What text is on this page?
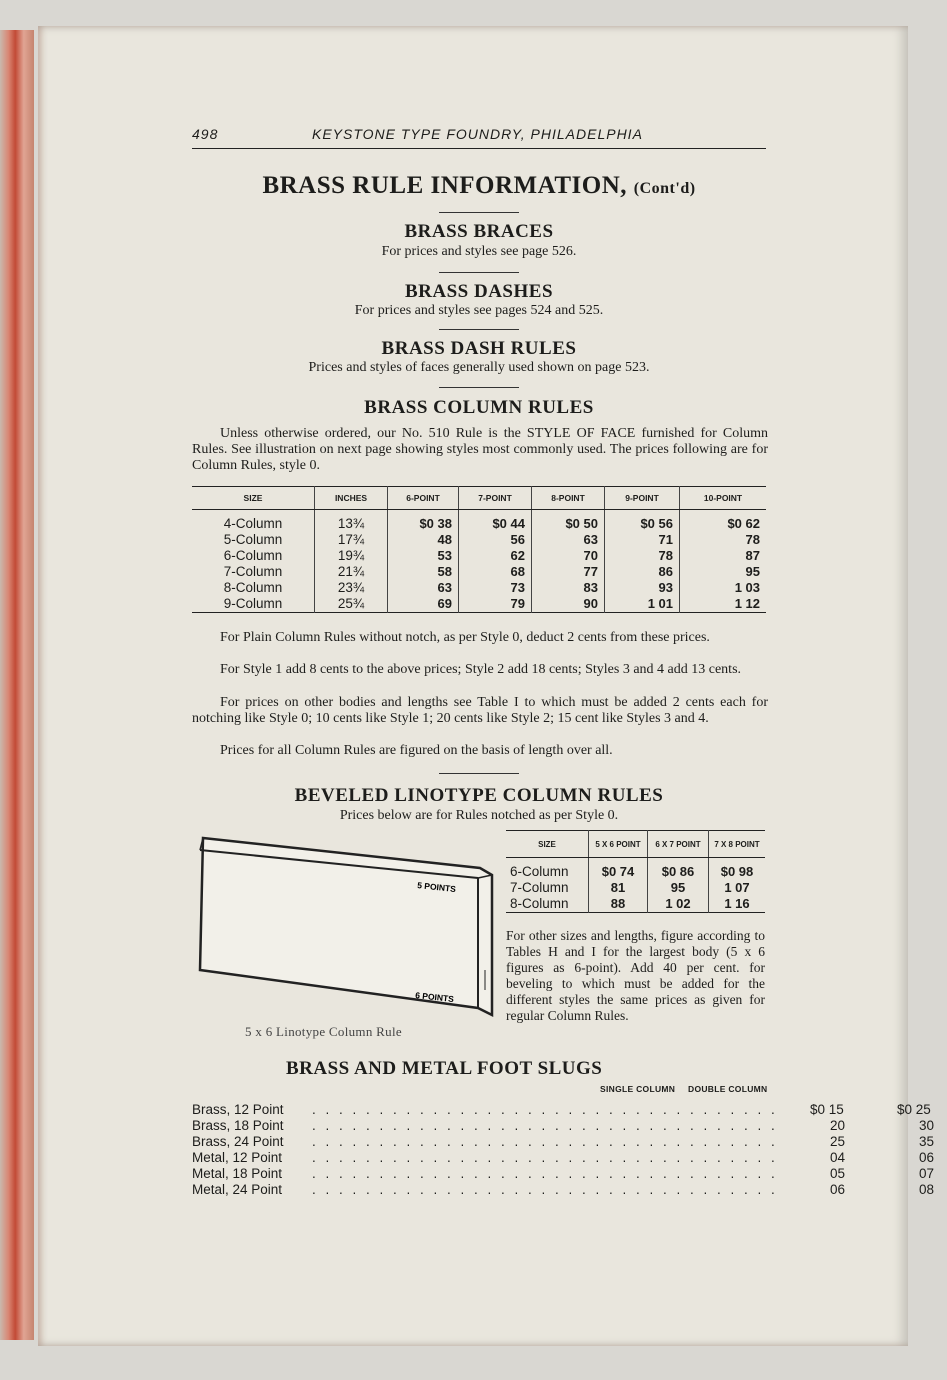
498	KEYSTONE TYPE FOUNDRY, PHILADELPHIA
BRASS RULE INFORMATION, (Cont'd)
BRASS BRACES
For prices and styles see page 526.
BRASS DASHES
For prices and styles see pages 524 and 525.
BRASS DASH RULES
Prices and styles of faces generally used shown on page 523.
BRASS COLUMN RULES
Unless otherwise ordered, our No. 510 Rule is the STYLE OF FACE furnished for Column Rules. See illustration on next page showing styles most commonly used. The prices following are for Column Rules, style 0.
SIZE	INCHES	6-POINT	7-POINT	8-POINT	9-POINT	10-POINT
4-Column	13¾	$0 38	$0 44	$0 50	$0 56	$0 62
5-Column	17¾	48	56	63	71	78
6-Column	19¾	53	62	70	78	87
7-Column	21¾	58	68	77	86	95
8-Column	23¾	63	73	83	93	1 03
9-Column	25¾	69	79	90	1 01	1 12
For Plain Column Rules without notch, as per Style 0, deduct 2 cents from these prices.
For Style 1 add 8 cents to the above prices; Style 2 add 18 cents; Styles 3 and 4 add 13 cents.
For prices on other bodies and lengths see Table I to which must be added 2 cents each for notching like Style 0; 10 cents like Style 1; 20 cents like Style 2; 15 cent like Styles 3 and 4.
Prices for all Column Rules are figured on the basis of length over all.
BEVELED LINOTYPE COLUMN RULES
Prices below are for Rules notched as per Style 0.
5 POINTS
6 POINTS
5 x 6 Linotype Column Rule
SIZE	5 X 6 POINT	6 X 7 POINT	7 X 8 POINT
6-Column	$0 74	$0 86	$0 98
7-Column	81	95	1 07
8-Column	88	1 02	1 16
For other sizes and lengths, figure according to Tables H and I for the largest body (5 x 6 figures as 6-point). Add 40 per cent. for beveling to which must be added for the different styles the same prices as given for regular Column Rules.
BRASS AND METAL FOOT SLUGS
SINGLE COLUMN DOUBLE COLUMN
Brass, 12 Point . . . . . . . . . . . . . . . . . . . . . . . . . . . . . . . . . . .	$0 15	$0 25
Brass, 18 Point . . . . . . . . . . . . . . . . . . . . . . . . . . . . . . . . . . .	20	30
Brass, 24 Point . . . . . . . . . . . . . . . . . . . . . . . . . . . . . . . . . . .	25	35
Metal, 12 Point . . . . . . . . . . . . . . . . . . . . . . . . . . . . . . . . . . .	04	06
Metal, 18 Point . . . . . . . . . . . . . . . . . . . . . . . . . . . . . . . . . . .	05	07
Metal, 24 Point . . . . . . . . . . . . . . . . . . . . . . . . . . . . . . . . . . .	06	08
